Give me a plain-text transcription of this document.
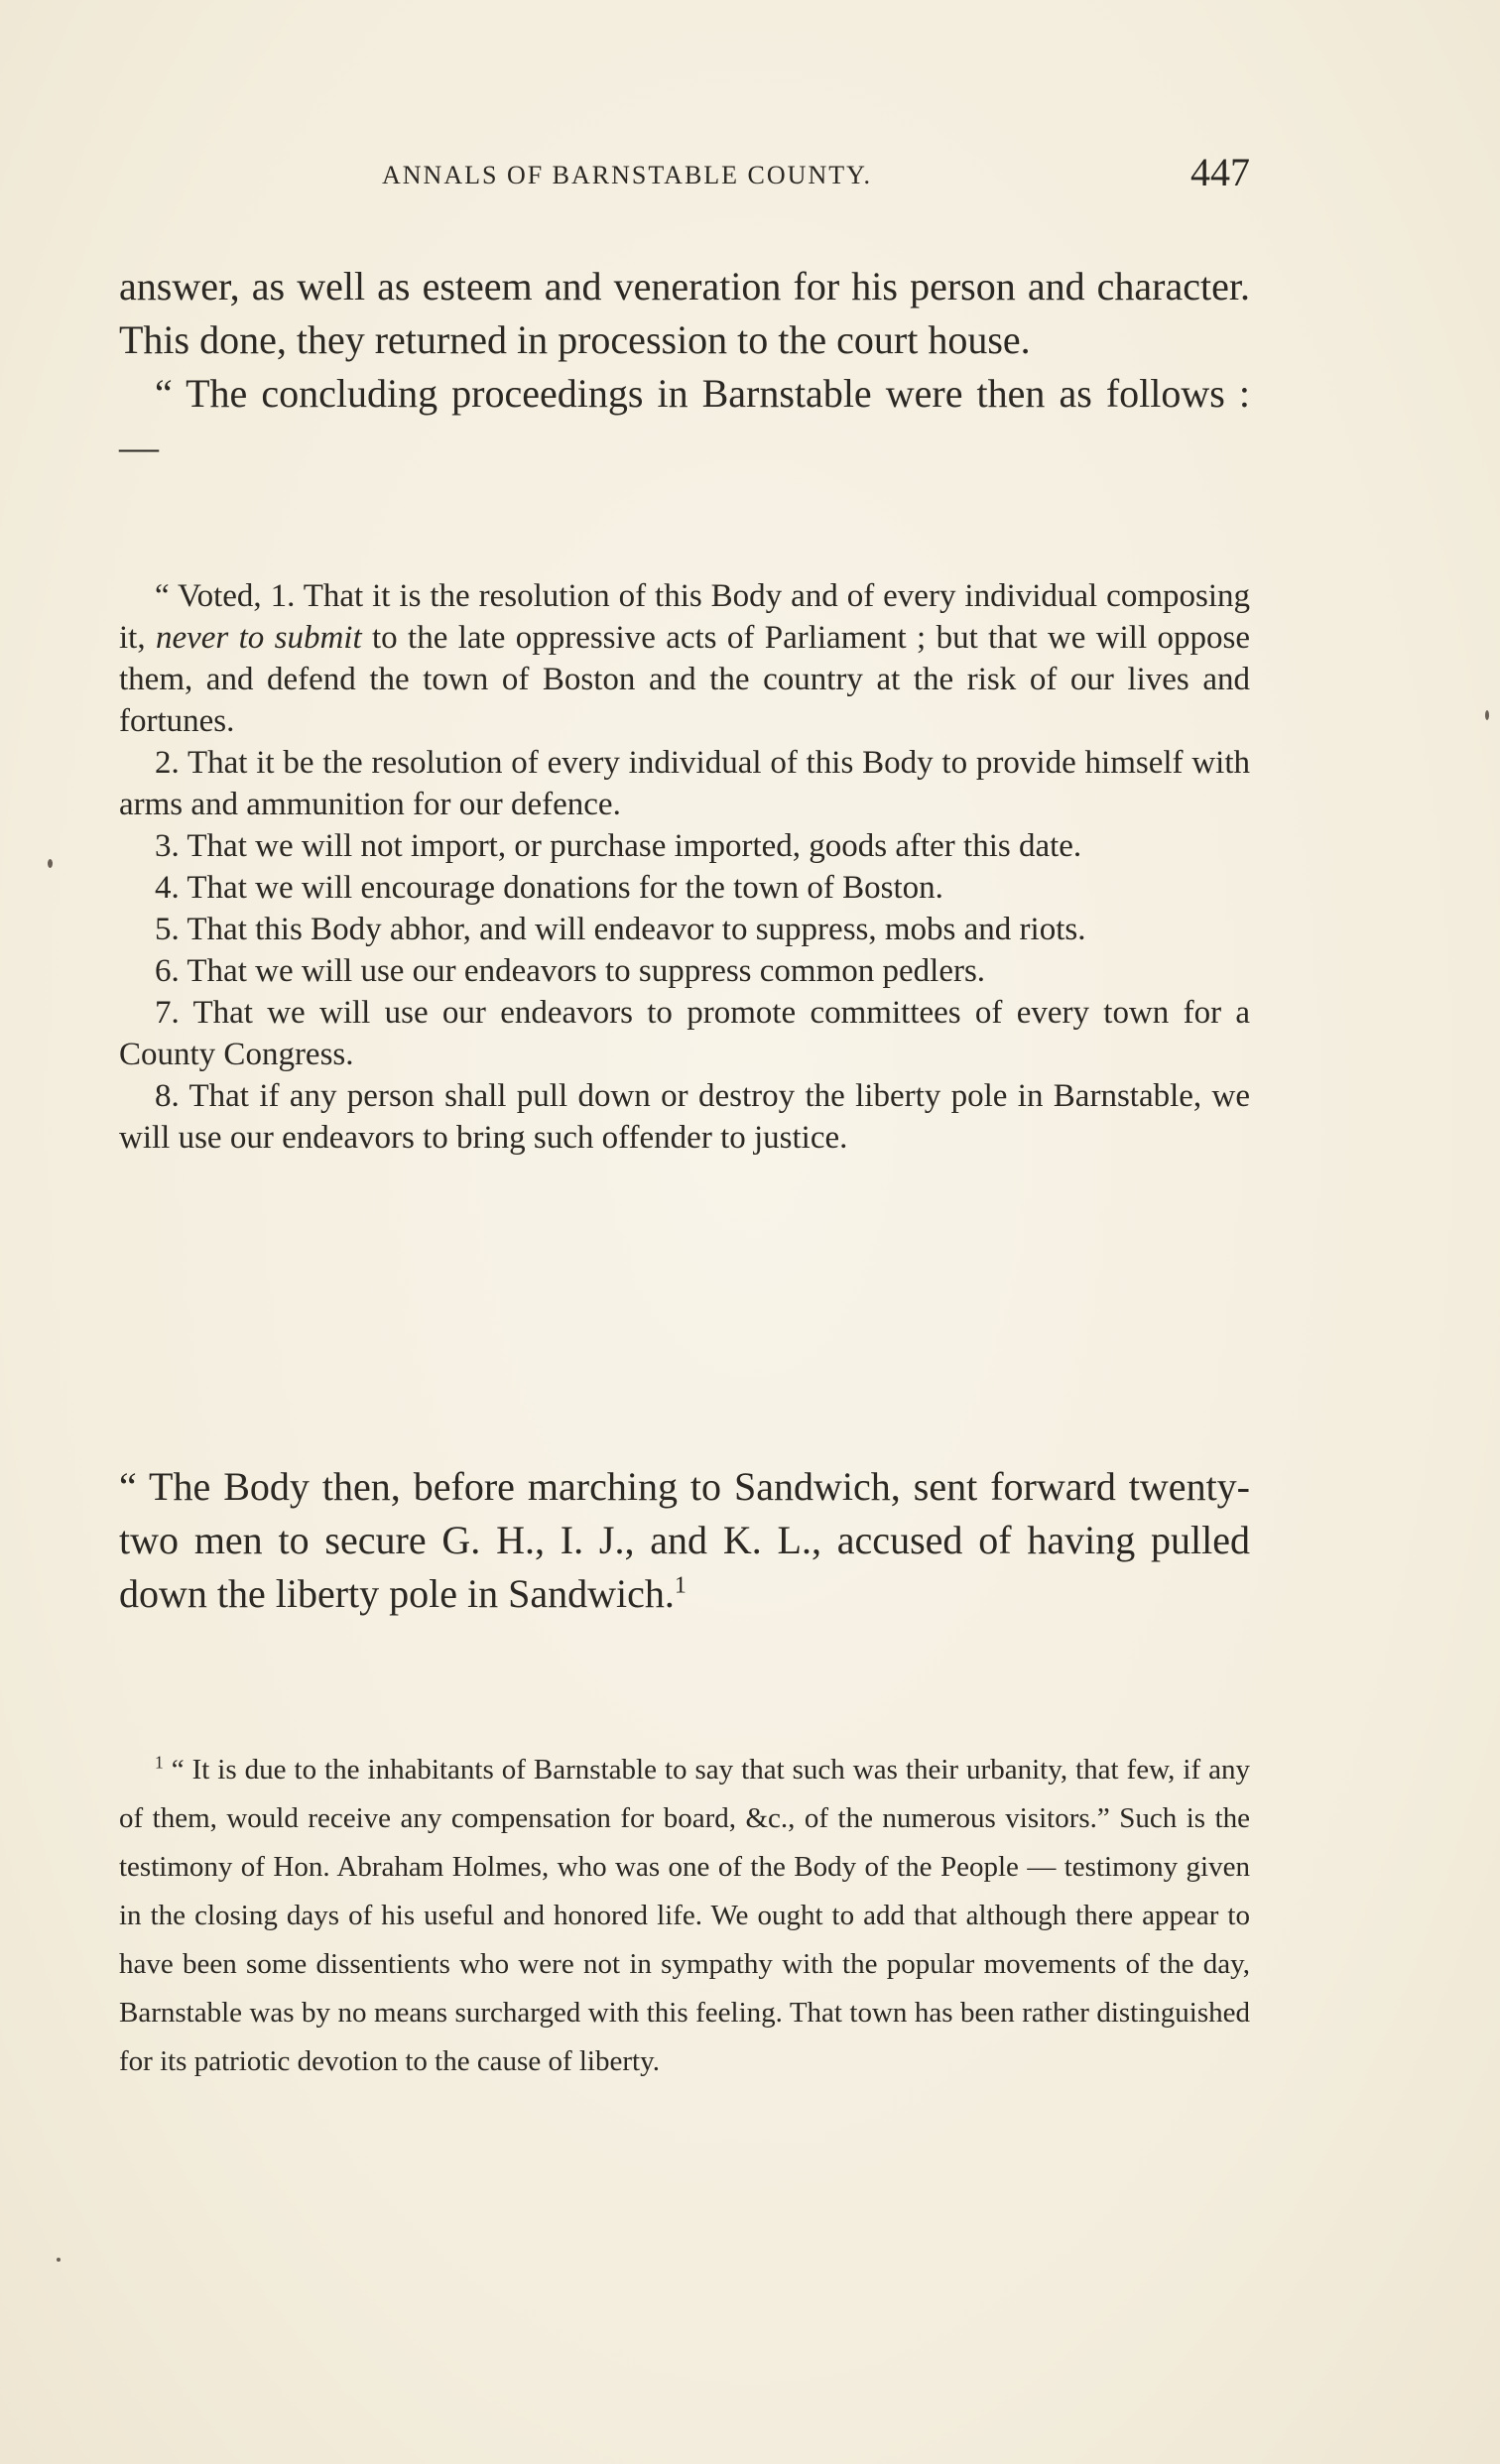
ANNALS OF BARNSTABLE COUNTY.	447

answer, as well as esteem and veneration for his person and character. This done, they returned in procession to the court house.

“ The concluding proceedings in Barnstable were then as follows : —

“ Voted, 1. That it is the resolution of this Body and of every individual composing it, never to submit to the late oppressive acts of Parliament ; but that we will oppose them, and defend the town of Boston and the country at the risk of our lives and fortunes.

2. That it be the resolution of every individual of this Body to provide himself with arms and ammunition for our defence.

3. That we will not import, or purchase imported, goods after this date.

4. That we will encourage donations for the town of Boston.

5. That this Body abhor, and will endeavor to suppress, mobs and riots.

6. That we will use our endeavors to suppress common pedlers.

7. That we will use our endeavors to promote committees of every town for a County Congress.

8. That if any person shall pull down or destroy the liberty pole in Barnstable, we will use our endeavors to bring such offender to justice.

“ The Body then, before marching to Sandwich, sent forward twenty-two men to secure G. H., I. J., and K. L., accused of having pulled down the liberty pole in Sandwich.$^1$

$^1$ “ It is due to the inhabitants of Barnstable to say that such was their urbanity, that few, if any of them, would receive any compensation for board, &c., of the numerous visitors.” Such is the testimony of Hon. Abraham Holmes, who was one of the Body of the People — testimony given in the closing days of his useful and honored life. We ought to add that although there appear to have been some dissentients who were not in sympathy with the popular movements of the day, Barnstable was by no means surcharged with this feeling. That town has been rather distinguished for its patriotic devotion to the cause of liberty.
